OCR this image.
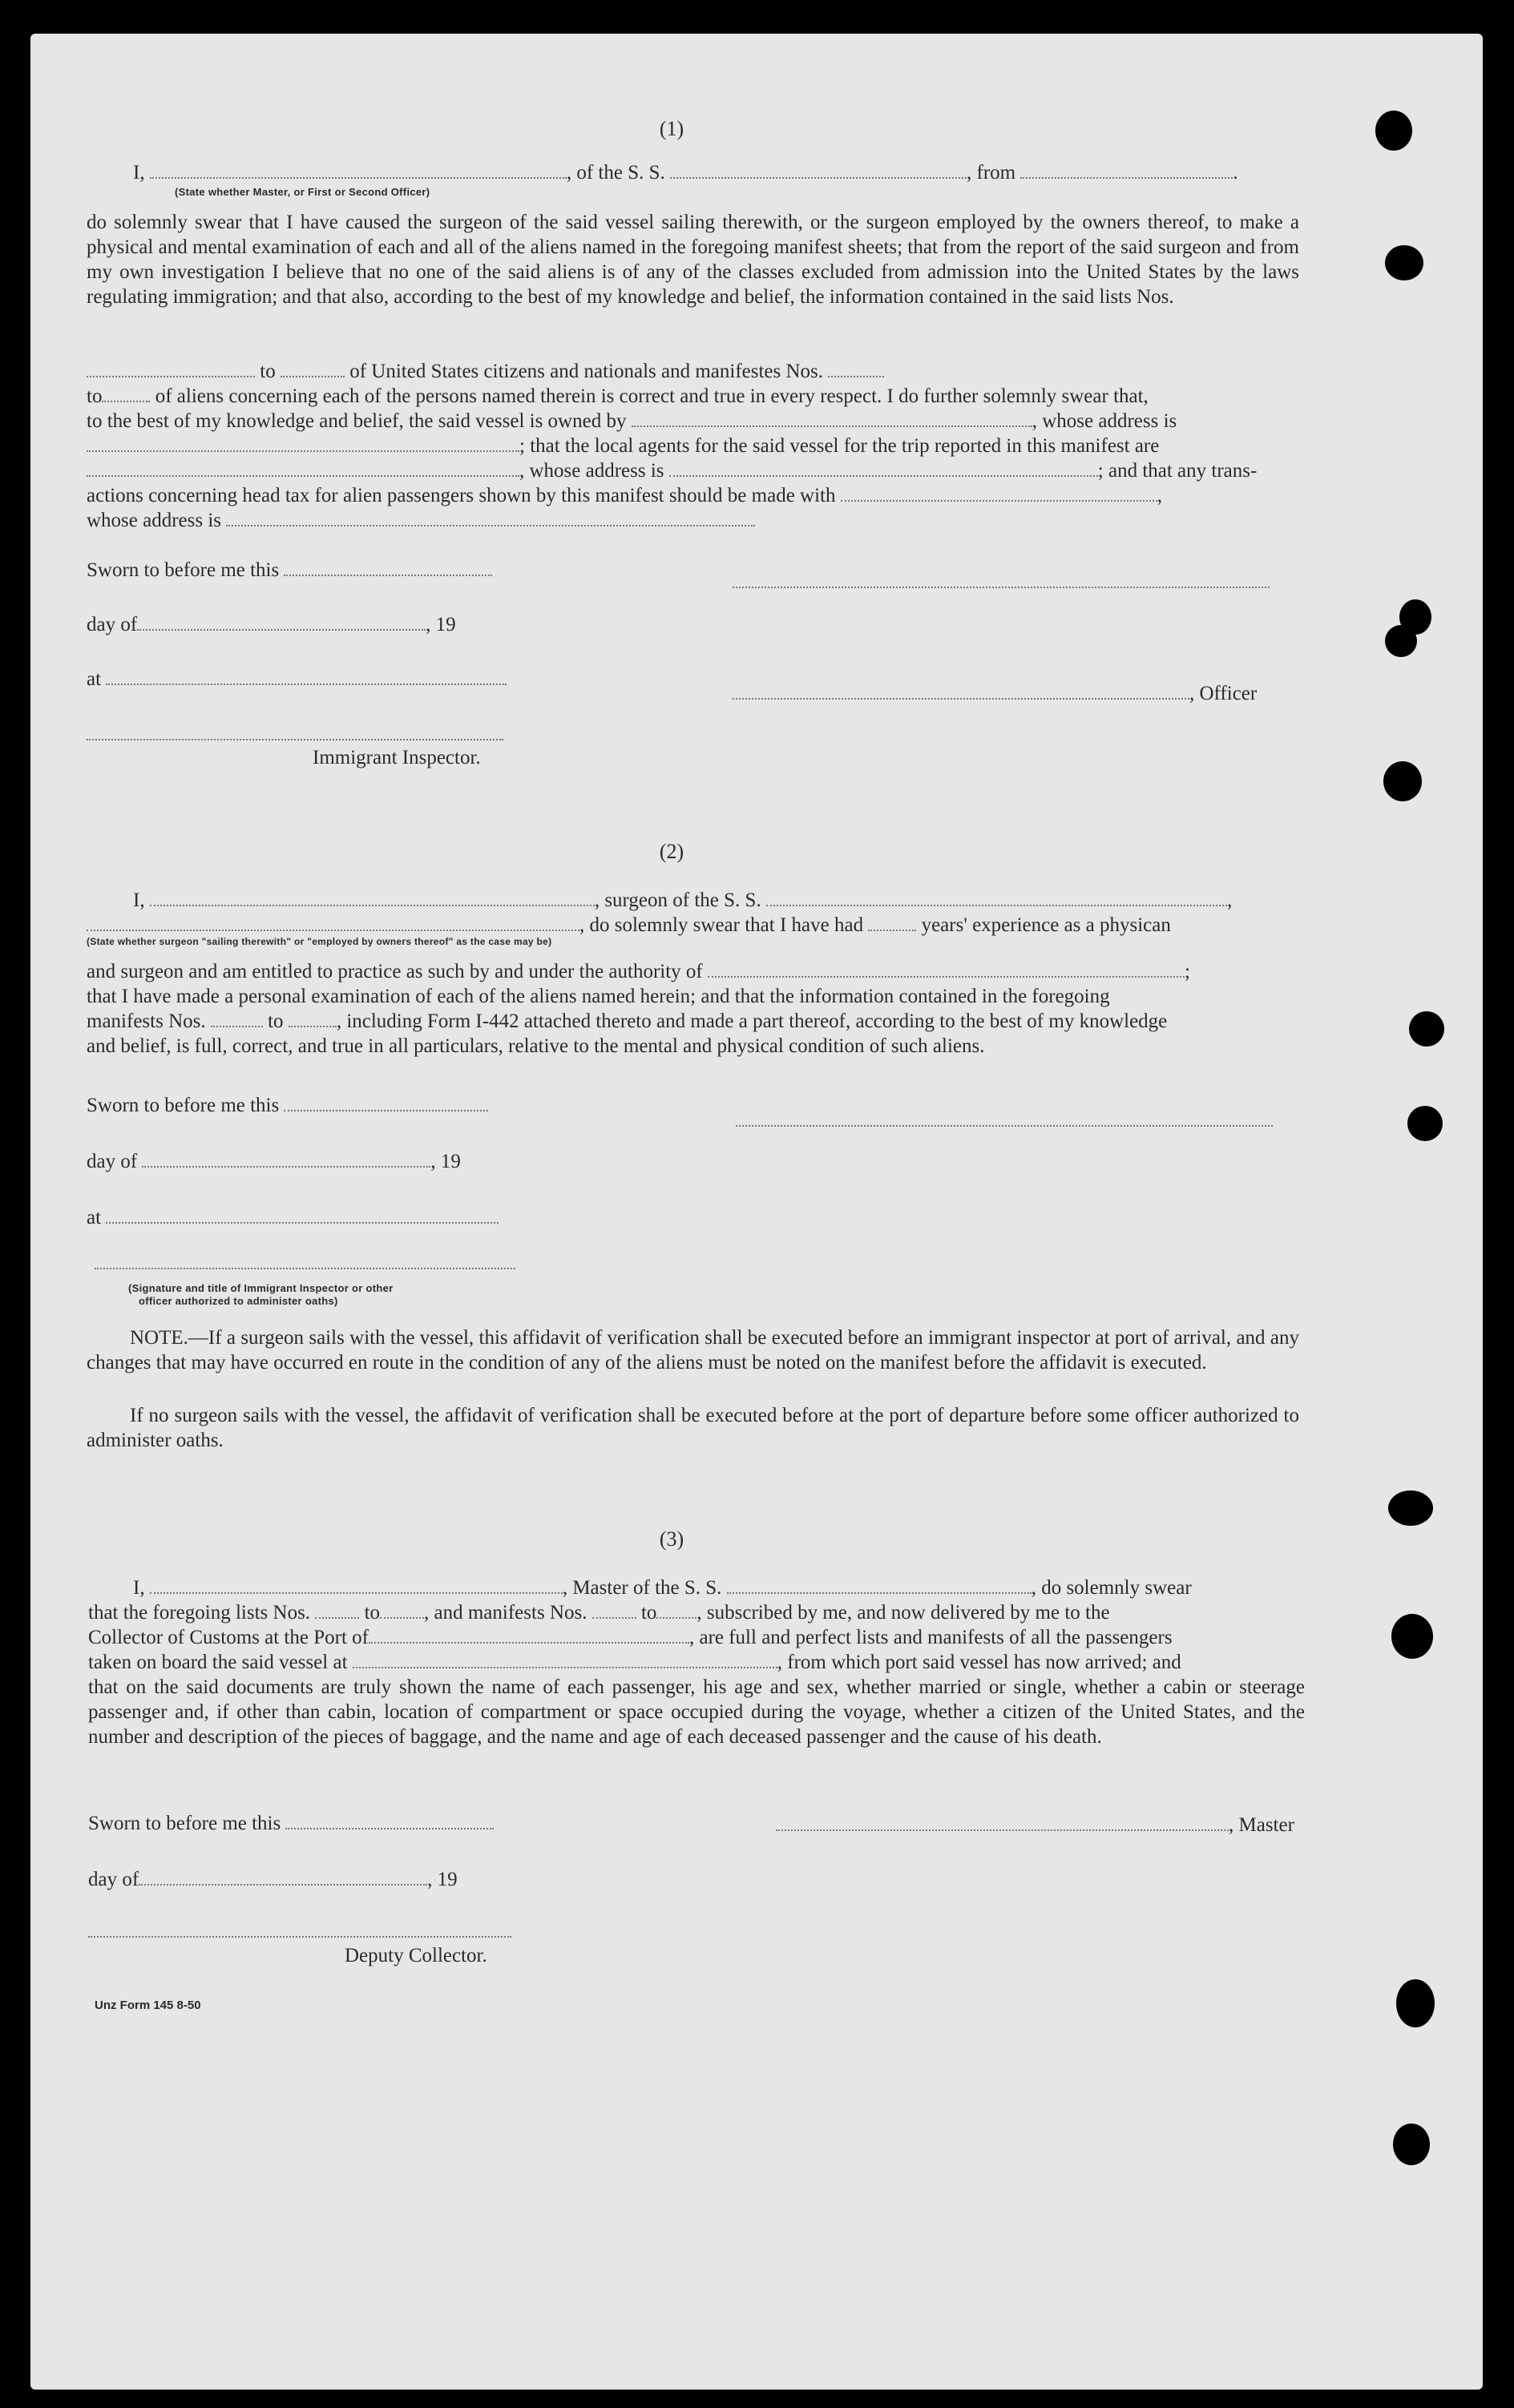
(1)
I,	, of the S. S.	, from	.
(State whether Master, or First or Second Officer)
do solemnly swear that I have caused the surgeon of the said vessel sailing therewith, or the surgeon employed by the owners thereof, to make a physical and mental examination of each and all of the aliens named in the foregoing manifest sheets; that from the report of the said surgeon and from my own investigation I believe that no one of the said aliens is of any of the classes excluded from admission into the United States by the laws regulating immigration; and that also, according to the best of my knowledge and belief, the information contained in the said lists Nos.
to	of United States citizens and nationals and manifestes Nos.
to	of aliens concerning each of the persons named therein is correct and true in every respect. I do further solemnly swear that,
to the best of my knowledge and belief, the said vessel is owned by	, whose address is
; that the local agents for the said vessel for the trip reported in this manifest are
, whose address is	; and that any trans-
actions concerning head tax for alien passengers shown by this manifest should be made with	,
whose address is
Sworn to before me this
day of	, 19
at
, Officer
Immigrant Inspector.
(2)
I,	, surgeon of the S. S.	,
, do solemnly swear that I have had	years' experience as a physican
(State whether surgeon "sailing therewith" or "employed by owners thereof" as the case may be)
and surgeon and am entitled to practice as such by and under the authority of	;
that I have made a personal examination of each of the aliens named herein; and that the information contained in the foregoing
manifests Nos.	to	, including Form I-442 attached thereto and made a part thereof, according to the best of my knowledge
and belief, is full, correct, and true in all particulars, relative to the mental and physical condition of such aliens.
Sworn to before me this
day of	, 19
at
(Signature and title of Immigrant Inspector or other
officer authorized to administer oaths)
NOTE.—If a surgeon sails with the vessel, this affidavit of verification shall be executed before an immigrant inspector at port of arrival, and any changes that may have occurred en route in the condition of any of the aliens must be noted on the manifest before the affidavit is executed.
If no surgeon sails with the vessel, the affidavit of verification shall be executed before at the port of departure before some officer authorized to administer oaths.
(3)
I,	, Master of the S. S.	, do solemnly swear
that the foregoing lists Nos.	to , and manifests Nos.	to , subscribed by me, and now delivered by me to the
Collector of Customs at the Port of	, are full and perfect lists and manifests of all the passengers
taken on board the said vessel at	, from which port said vessel has now arrived; and
that on the said documents are truly shown the name of each passenger, his age and sex, whether married or single, whether a cabin or steerage passenger and, if other than cabin, location of compartment or space occupied during the voyage, whether a citizen of the United States, and the number and description of the pieces of baggage, and the name and age of each deceased passenger and the cause of his death.
Sworn to before me this	, Master
day of	, 19
Deputy Collector.
Unz Form 145 8-50
